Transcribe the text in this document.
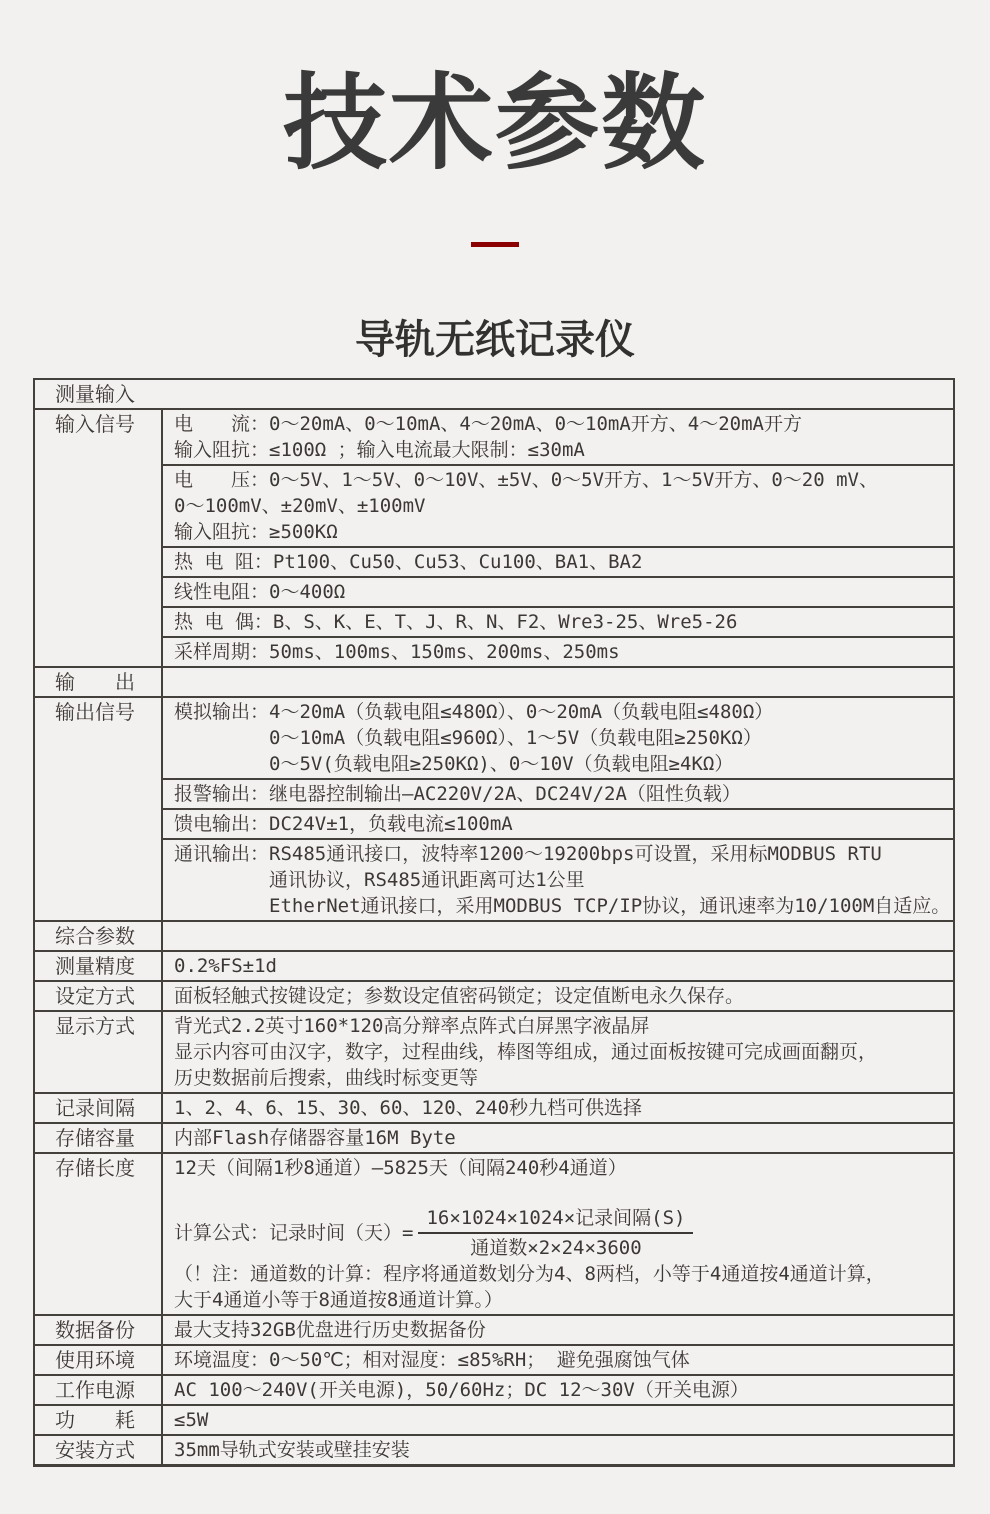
技术参数
导轨无纸记录仪
测量输入
输入信号	电　　流：0～20mA、0～10mA、4～20mA、0～10mA开方、4～20mA开方
输入阻抗：≤100Ω ；输入电流最大限制：≤30mA
电　　压：0～5V、1～5V、0～10V、±5V、0～5V开方、1～5V开方、0～20 mV、
0～100mV、±20mV、±100mV
输入阻抗：≥500KΩ
热 电 阻：Pt100、Cu50、Cu53、Cu100、BA1、BA2
线性电阻：0～400Ω
热 电 偶：B、S、K、E、T、J、R、N、F2、Wre3-25、Wre5-26
采样周期：50ms、100ms、150ms、200ms、250ms
输　　出
输出信号	模拟输出：4～20mA（负载电阻≤480Ω）、0～20mA（负载电阻≤480Ω）
0～10mA（负载电阻≤960Ω）、1～5V（负载电阻≥250KΩ）
0～5V(负载电阻≥250KΩ)、0～10V（负载电阻≥4KΩ）
报警输出：继电器控制输出—AC220V/2A、DC24V/2A（阻性负载）
馈电输出：DC24V±1，负载电流≤100mA
通讯输出：RS485通讯接口，波特率1200～19200bps可设置，采用标MODBUS RTU
通讯协议，RS485通讯距离可达1公里
EtherNet通讯接口，采用MODBUS TCP/IP协议，通讯速率为10/100M自适应。
综合参数
测量精度	0.2%FS±1d
设定方式	面板轻触式按键设定；参数设定值密码锁定；设定值断电永久保存。
显示方式	背光式2.2英寸160*120高分辩率点阵式白屏黑字液晶屏
显示内容可由汉字，数字，过程曲线，棒图等组成，通过面板按键可完成画面翻页，
历史数据前后搜索，曲线时标变更等
记录间隔	1、2、4、6、15、30、60、120、240秒九档可供选择
存储容量	内部Flash存储器容量16M Byte
存储长度	12天（间隔1秒8通道）—5825天（间隔240秒4通道）
计算公式：记录时间（天）= $\frac{\text{16×1024×1024×记录间隔(S)}}{\text{通道数×2×24×3600}}$
（！注：通道数的计算：程序将通道数划分为4、8两档，小等于4通道按4通道计算，
大于4通道小等于8通道按8通道计算。）
数据备份	最大支持32GB优盘进行历史数据备份
使用环境	环境温度：0～50℃；相对湿度：≤85%RH； 避免强腐蚀气体
工作电源	AC 100～240V(开关电源)，50/60Hz；DC 12～30V（开关电源）
功　　耗	≤5W
安装方式	35mm导轨式安装或壁挂安装
